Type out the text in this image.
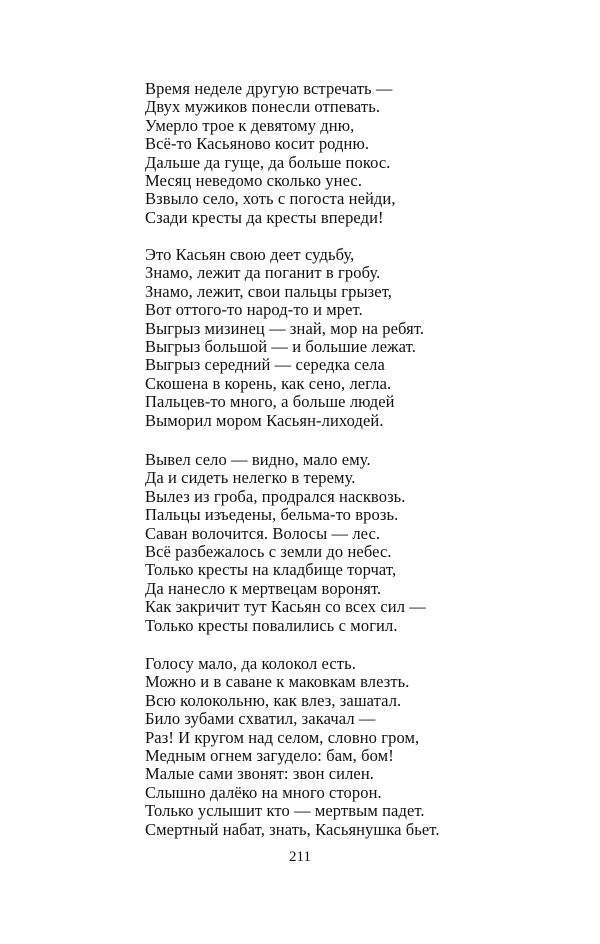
Время неделе другую встречать —
Двух мужиков понесли отпевать.
Умерло трое к девятому дню,
Всё-то Касьяново косит родню.
Дальше да гуще, да больше покос.
Месяц неведомо сколько унес.
Взвыло село, хоть с погоста нейди,
Сзади кресты да кресты впереди!
Это Касьян свою деет судьбу,
Знамо, лежит да поганит в гробу.
Знамо, лежит, свои пальцы грызет,
Вот оттого-то народ-то и мрет.
Выгрыз мизинец — знай, мор на ребят.
Выгрыз большой — и большие лежат.
Выгрыз середний — середка села
Скошена в корень, как сено, легла.
Пальцев-то много, а больше людей
Выморил мором Касьян-лиходей.
Вывел село — видно, мало ему.
Да и сидеть нелегко в терему.
Вылез из гроба, продрался насквозь.
Пальцы изъедены, бельма-то врозь.
Саван волочится. Волосы — лес.
Всё разбежалось с земли до небес.
Только кресты на кладбище торчат,
Да нанесло к мертвецам воронят.
Как закричит тут Касьян со всех сил —
Только кресты повалились с могил.
Голосу мало, да колокол есть.
Можно и в саване к маковкам влезть.
Всю колокольню, как влез, зашатал.
Било зубами схватил, закачал —
Раз! И кругом над селом, словно гром,
Медным огнем загудело: бам, бом!
Малые сами звонят: звон силен.
Слышно далёко на много сторон.
Только услышит кто — мертвым падет.
Смертный набат, знать, Касьянушка бьет.
211
